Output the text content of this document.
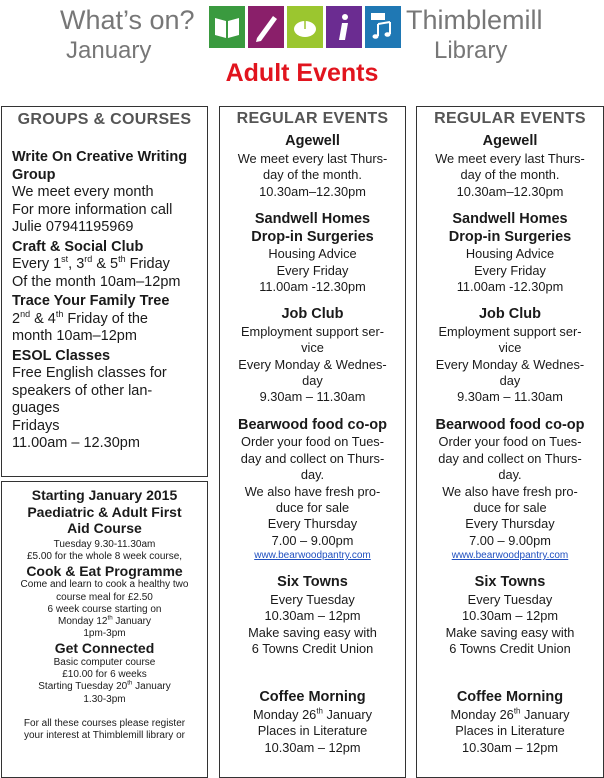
What’s on?
January
Thimblemill
Library
Adult Events
GROUPS & COURSES
Write On Creative Writing Group
We meet every month
For more information call
Julie 07941195969
Craft & Social Club
Every 1st, 3rd & 5th Friday
Of the month 10am–12pm
Trace Your Family Tree
2nd & 4th Friday of the
month 10am–12pm
ESOL Classes
Free English classes for
speakers of other lan-
guages
Fridays
11.00am – 12.30pm
Starting January 2015
Paediatric & Adult First Aid Course
Tuesday 9.30-11.30am
£5.00 for the whole 8 week course,
Cook & Eat Programme
Come and learn to cook a healthy two
course meal for £2.50
6 week course starting on
Monday 12th January
1pm-3pm
Get Connected
Basic computer course
£10.00 for 6 weeks
Starting Tuesday 20th January
1.30-3pm
For all these courses please register
your interest at Thimblemill library or
REGULAR EVENTS
Agewell
We meet every last Thurs-
day of the month.
10.30am–12.30pm
Sandwell Homes
Drop-in Surgeries
Housing Advice
Every Friday
11.00am -12.30pm
Job Club
Employment support ser-
vice
Every Monday & Wednes-
day
9.30am – 11.30am
Bearwood food co-op
Order your food on Tues-
day and collect on Thurs-
day.
We also have fresh pro-
duce for sale
Every Thursday
7.00 – 9.00pm
www.bearwoodpantry.com
Six Towns
Every Tuesday
10.30am – 12pm
Make saving easy with
6 Towns Credit Union
Coffee Morning
Monday 26th January
Places in Literature
10.30am – 12pm
REGULAR EVENTS
Agewell
We meet every last Thurs-
day of the month.
10.30am–12.30pm
Sandwell Homes
Drop-in Surgeries
Housing Advice
Every Friday
11.00am -12.30pm
Job Club
Employment support ser-
vice
Every Monday & Wednes-
day
9.30am – 11.30am
Bearwood food co-op
Order your food on Tues-
day and collect on Thurs-
day.
We also have fresh pro-
duce for sale
Every Thursday
7.00 – 9.00pm
www.bearwoodpantry.com
Six Towns
Every Tuesday
10.30am – 12pm
Make saving easy with
6 Towns Credit Union
Coffee Morning
Monday 26th January
Places in Literature
10.30am – 12pm
